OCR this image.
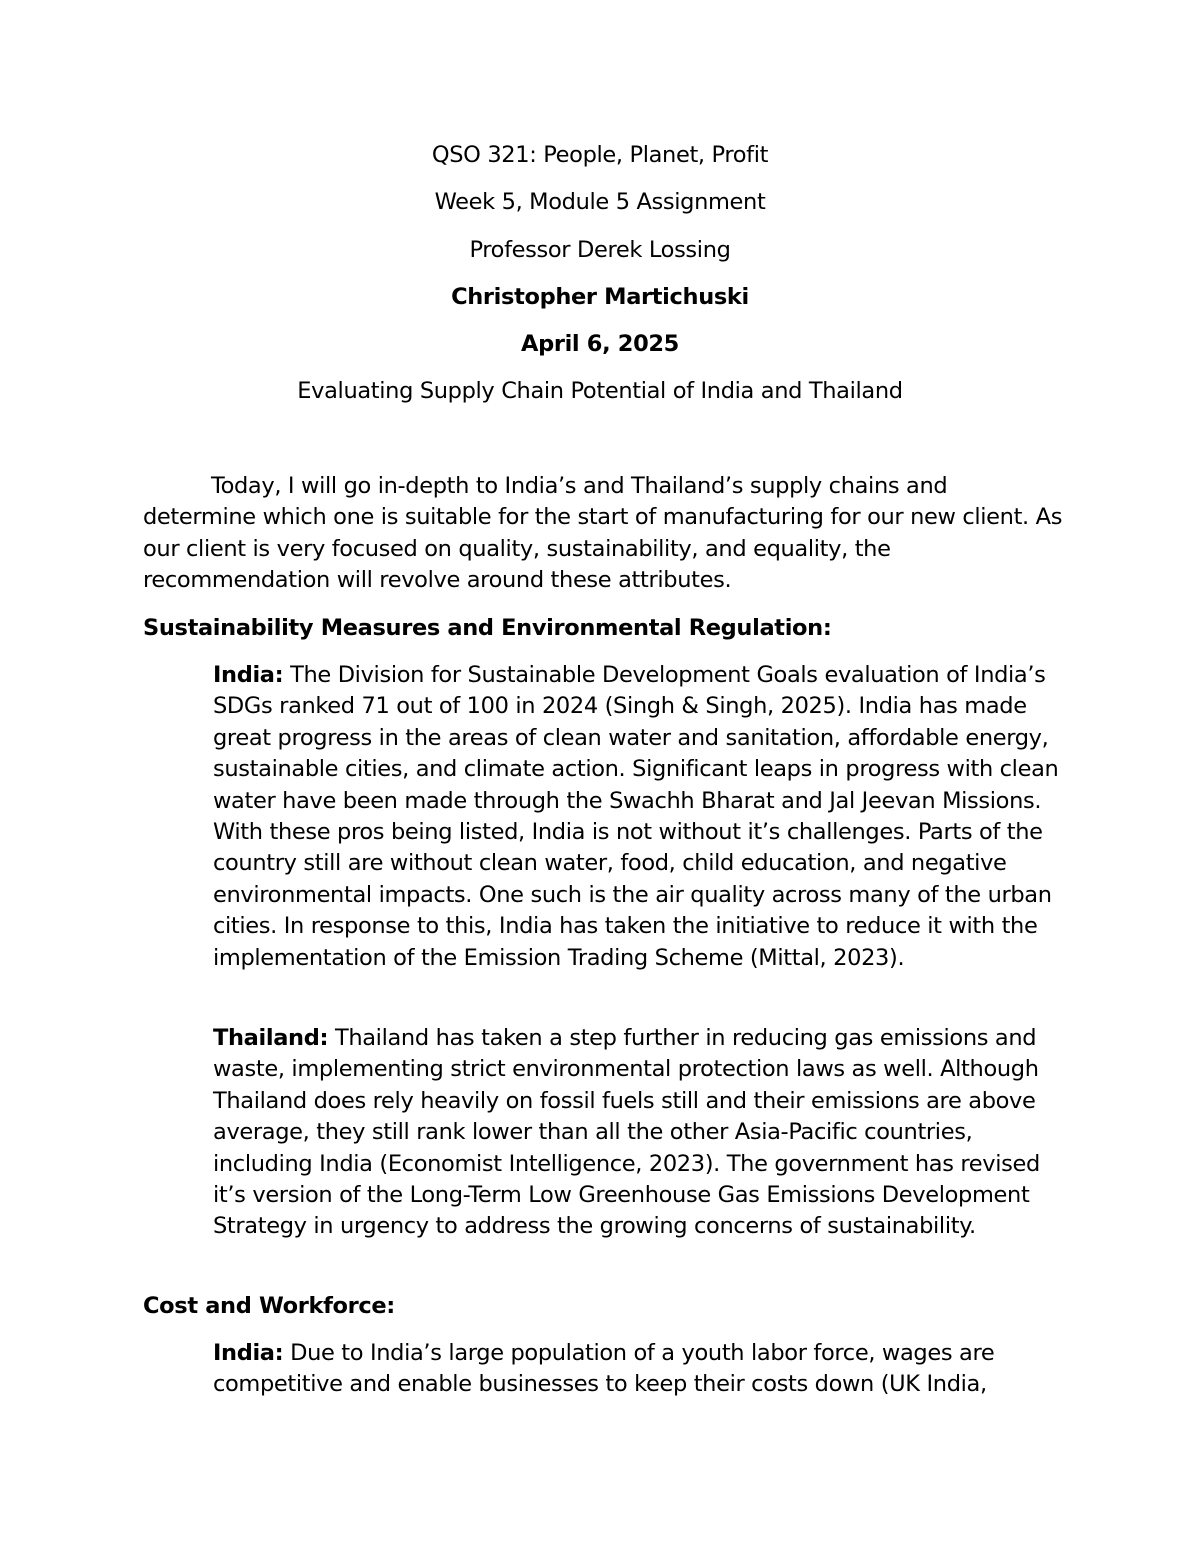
QSO 321: People, Planet, Profit

Week 5, Module 5 Assignment

Professor Derek Lossing

Christopher Martichuski

April 6, 2025

Evaluating Supply Chain Potential of India and Thailand

Today, I will go in-depth to India’s and Thailand’s supply chains and determine which one is suitable for the start of manufacturing for our new client. As our client is very focused on quality, sustainability, and equality, the recommendation will revolve around these attributes.

Sustainability Measures and Environmental Regulation:

India: The Division for Sustainable Development Goals evaluation of India’s SDGs ranked 71 out of 100 in 2024 (Singh & Singh, 2025). India has made great progress in the areas of clean water and sanitation, affordable energy, sustainable cities, and climate action. Significant leaps in progress with clean water have been made through the Swachh Bharat and Jal Jeevan Missions. With these pros being listed, India is not without it’s challenges. Parts of the country still are without clean water, food, child education, and negative environmental impacts. One such is the air quality across many of the urban cities. In response to this, India has taken the initiative to reduce it with the implementation of the Emission Trading Scheme (Mittal, 2023).

Thailand: Thailand has taken a step further in reducing gas emissions and waste, implementing strict environmental protection laws as well. Although Thailand does rely heavily on fossil fuels still and their emissions are above average, they still rank lower than all the other Asia-Pacific countries, including India (Economist Intelligence, 2023). The government has revised it’s version of the Long-Term Low Greenhouse Gas Emissions Development Strategy in urgency to address the growing concerns of sustainability.

Cost and Workforce:

India: Due to India’s large population of a youth labor force, wages are competitive and enable businesses to keep their costs down (UK India,
